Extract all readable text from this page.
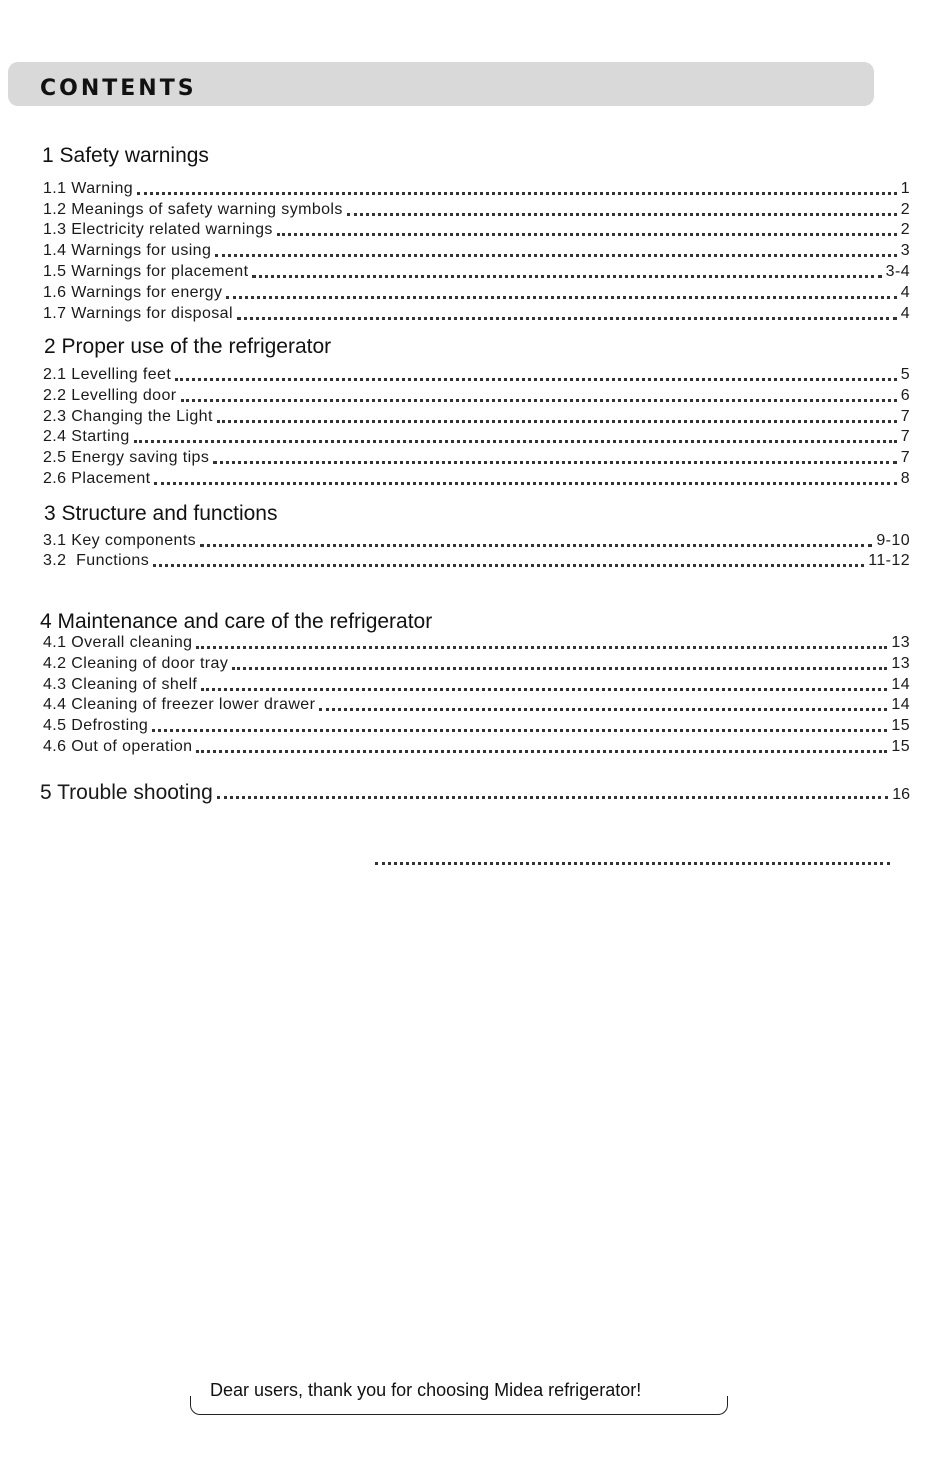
CONTENTS
1 Safety warnings
1.1 Warning	1
1.2 Meanings of safety warning symbols	2
1.3 Electricity related warnings	2
1.4 Warnings for using	3
1.5 Warnings for placement	3-4
1.6 Warnings for energy	4
1.7 Warnings for disposal	4
2 Proper use of the refrigerator
2.1 Levelling feet	5
2.2 Levelling door	6
2.3 Changing the Light	7
2.4 Starting	7
2.5 Energy saving tips	7
2.6 Placement	8
3 Structure and functions
3.1 Key components	9-10
3.2  Functions	11-12
4 Maintenance and care of the refrigerator
4.1 Overall cleaning	13
4.2 Cleaning of door tray	13
4.3 Cleaning of shelf	14
4.4 Cleaning of freezer lower drawer	14
4.5 Defrosting	15
4.6 Out of operation	15
5 Trouble shooting	16
Dear users, thank you for choosing Midea refrigerator!
